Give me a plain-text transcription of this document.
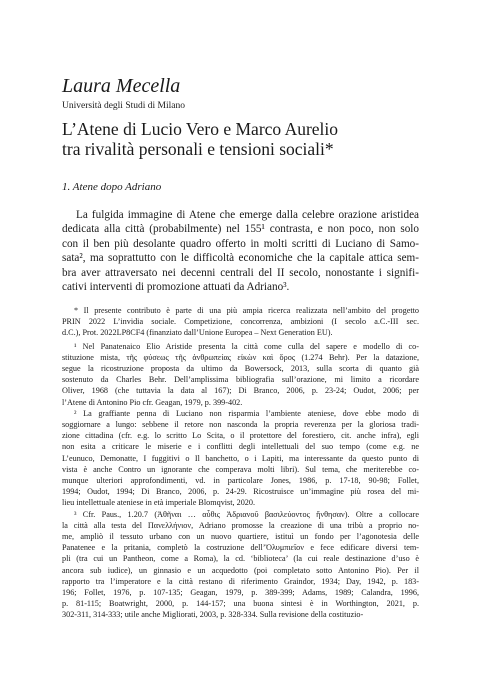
Laura Mecella

Università degli Studi di Milano

L’Atene di Lucio Vero e Marco Aurelio
tra rivalità personali e tensioni sociali*

1. Atene dopo Adriano

La fulgida immagine di Atene che emerge dalla celebre orazione aristidea
dedicata alla città (probabilmente) nel 155¹ contrasta, e non poco, non solo
con il ben più desolante quadro offerto in molti scritti di Luciano di Samo-
sata², ma soprattutto con le difficoltà economiche che la capitale attica sem-
bra aver attraversato nei decenni centrali del II secolo, nonostante i signifi-
cativi interventi di promozione attuati da Adriano³.
* Il presente contributo è parte di una più ampia ricerca realizzata nell’ambito del progetto
PRIN 2022 L’invidia sociale. Competizione, concorrenza, ambizioni (I secolo a.C.-III sec.
d.C.), Prot. 2022LP8CF4 (finanziato dall’Unione Europea – Next Generation EU).
¹ Nel Panatenaico Elio Aristide presenta la città come culla del sapere e modello di co-
stituzione mista, τῆς φύσεως τῆς ἀνθρωπείας εἰκὼν καὶ ὅρος (1.274 Behr). Per la datazione,
segue la ricostruzione proposta da ultimo da Bowersock, 2013, sulla scorta di quanto già
sostenuto da Charles Behr. Dell’amplissima bibliografia sull’orazione, mi limito a ricordare
Oliver, 1968 (che tuttavia la data al 167); Di Branco, 2006, p. 23-24; Oudot, 2006; per
l’Atene di Antonino Pio cfr. Geagan, 1979, p. 399-402.
² La graffiante penna di Luciano non risparmia l’ambiente ateniese, dove ebbe modo di
soggiornare a lungo: sebbene il retore non nasconda la propria reverenza per la gloriosa tradi-
zione cittadina (cfr. e.g. lo scritto Lo Scita, o il protettore del forestiero, cit. anche infra), egli
non esita a criticare le miserie e i conflitti degli intellettuali del suo tempo (come e.g. ne
L’eunuco, Demonatte, I fuggitivi o Il banchetto, o i Lapiti, ma interessante da questo punto di
vista è anche Contro un ignorante che comperava molti libri). Sul tema, che meriterebbe co-
munque ulteriori approfondimenti, vd. in particolare Jones, 1986, p. 17-18, 90-98; Follet,
1994; Oudot, 1994; Di Branco, 2006, p. 24-29. Ricostruisce un’immagine più rosea del mi-
lieu intellettuale ateniese in età imperiale Blomqvist, 2020.
³ Cfr. Paus., 1.20.7 (Ἀθῆναι … αὖθις Ἀδριανοῦ βασιλεύοντος ἤνθησαν). Oltre a collocare
la città alla testa del Πανελλήνιον, Adriano promosse la creazione di una tribù a proprio no-
me, ampliò il tessuto urbano con un nuovo quartiere, istituì un fondo per l’agonotesia delle
Panatenee e la pritania, completò la costruzione dell’Ὀλυμπιεῖον e fece edificare diversi tem-
pli (tra cui un Pantheon, come a Roma), la cd. ‘biblioteca’ (la cui reale destinazione d’uso è
ancora sub iudice), un ginnasio e un acquedotto (poi completato sotto Antonino Pio). Per il
rapporto tra l’imperatore e la città restano di riferimento Graindor, 1934; Day, 1942, p. 183-
196; Follet, 1976, p. 107-135; Geagan, 1979, p. 389-399; Adams, 1989; Calandra, 1996,
p. 81-115; Boatwright, 2000, p. 144-157; una buona sintesi è in Worthington, 2021, p.
302-311, 314-333; utile anche Migliorati, 2003, p. 328-334. Sulla revisione della costituzio-
